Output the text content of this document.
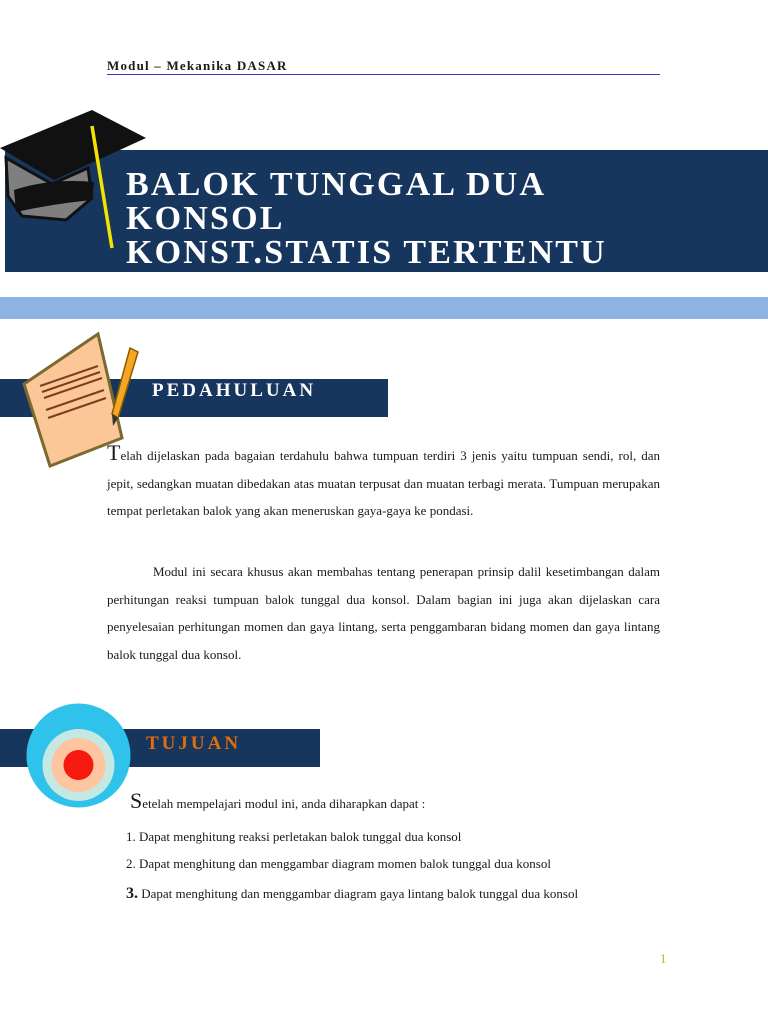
Modul – Mekanika DASAR
BALOK TUNGGAL DUA
KONSOL
KONST.STATIS TERTENTU
PEDAHULUAN
Telah dijelaskan pada bagaian terdahulu bahwa tumpuan terdiri 3 jenis yaitu tumpuan sendi, rol, dan jepit, sedangkan muatan dibedakan atas muatan terpusat dan muatan terbagi merata. Tumpuan merupakan tempat perletakan balok yang akan meneruskan gaya-gaya ke pondasi.
Modul ini secara khusus akan membahas tentang penerapan prinsip dalil kesetimbangan dalam perhitungan reaksi tumpuan balok tunggal dua konsol. Dalam bagian ini juga akan dijelaskan cara penyelesaian perhitungan momen dan gaya lintang, serta penggambaran bidang momen dan gaya lintang balok tunggal dua konsol.
TUJUAN
Setelah mempelajari modul ini, anda diharapkan dapat :
1. Dapat menghitung reaksi perletakan balok tunggal dua konsol
2. Dapat menghitung dan menggambar diagram momen balok tunggal dua konsol
3. Dapat menghitung dan menggambar diagram gaya lintang balok tunggal dua konsol
1
